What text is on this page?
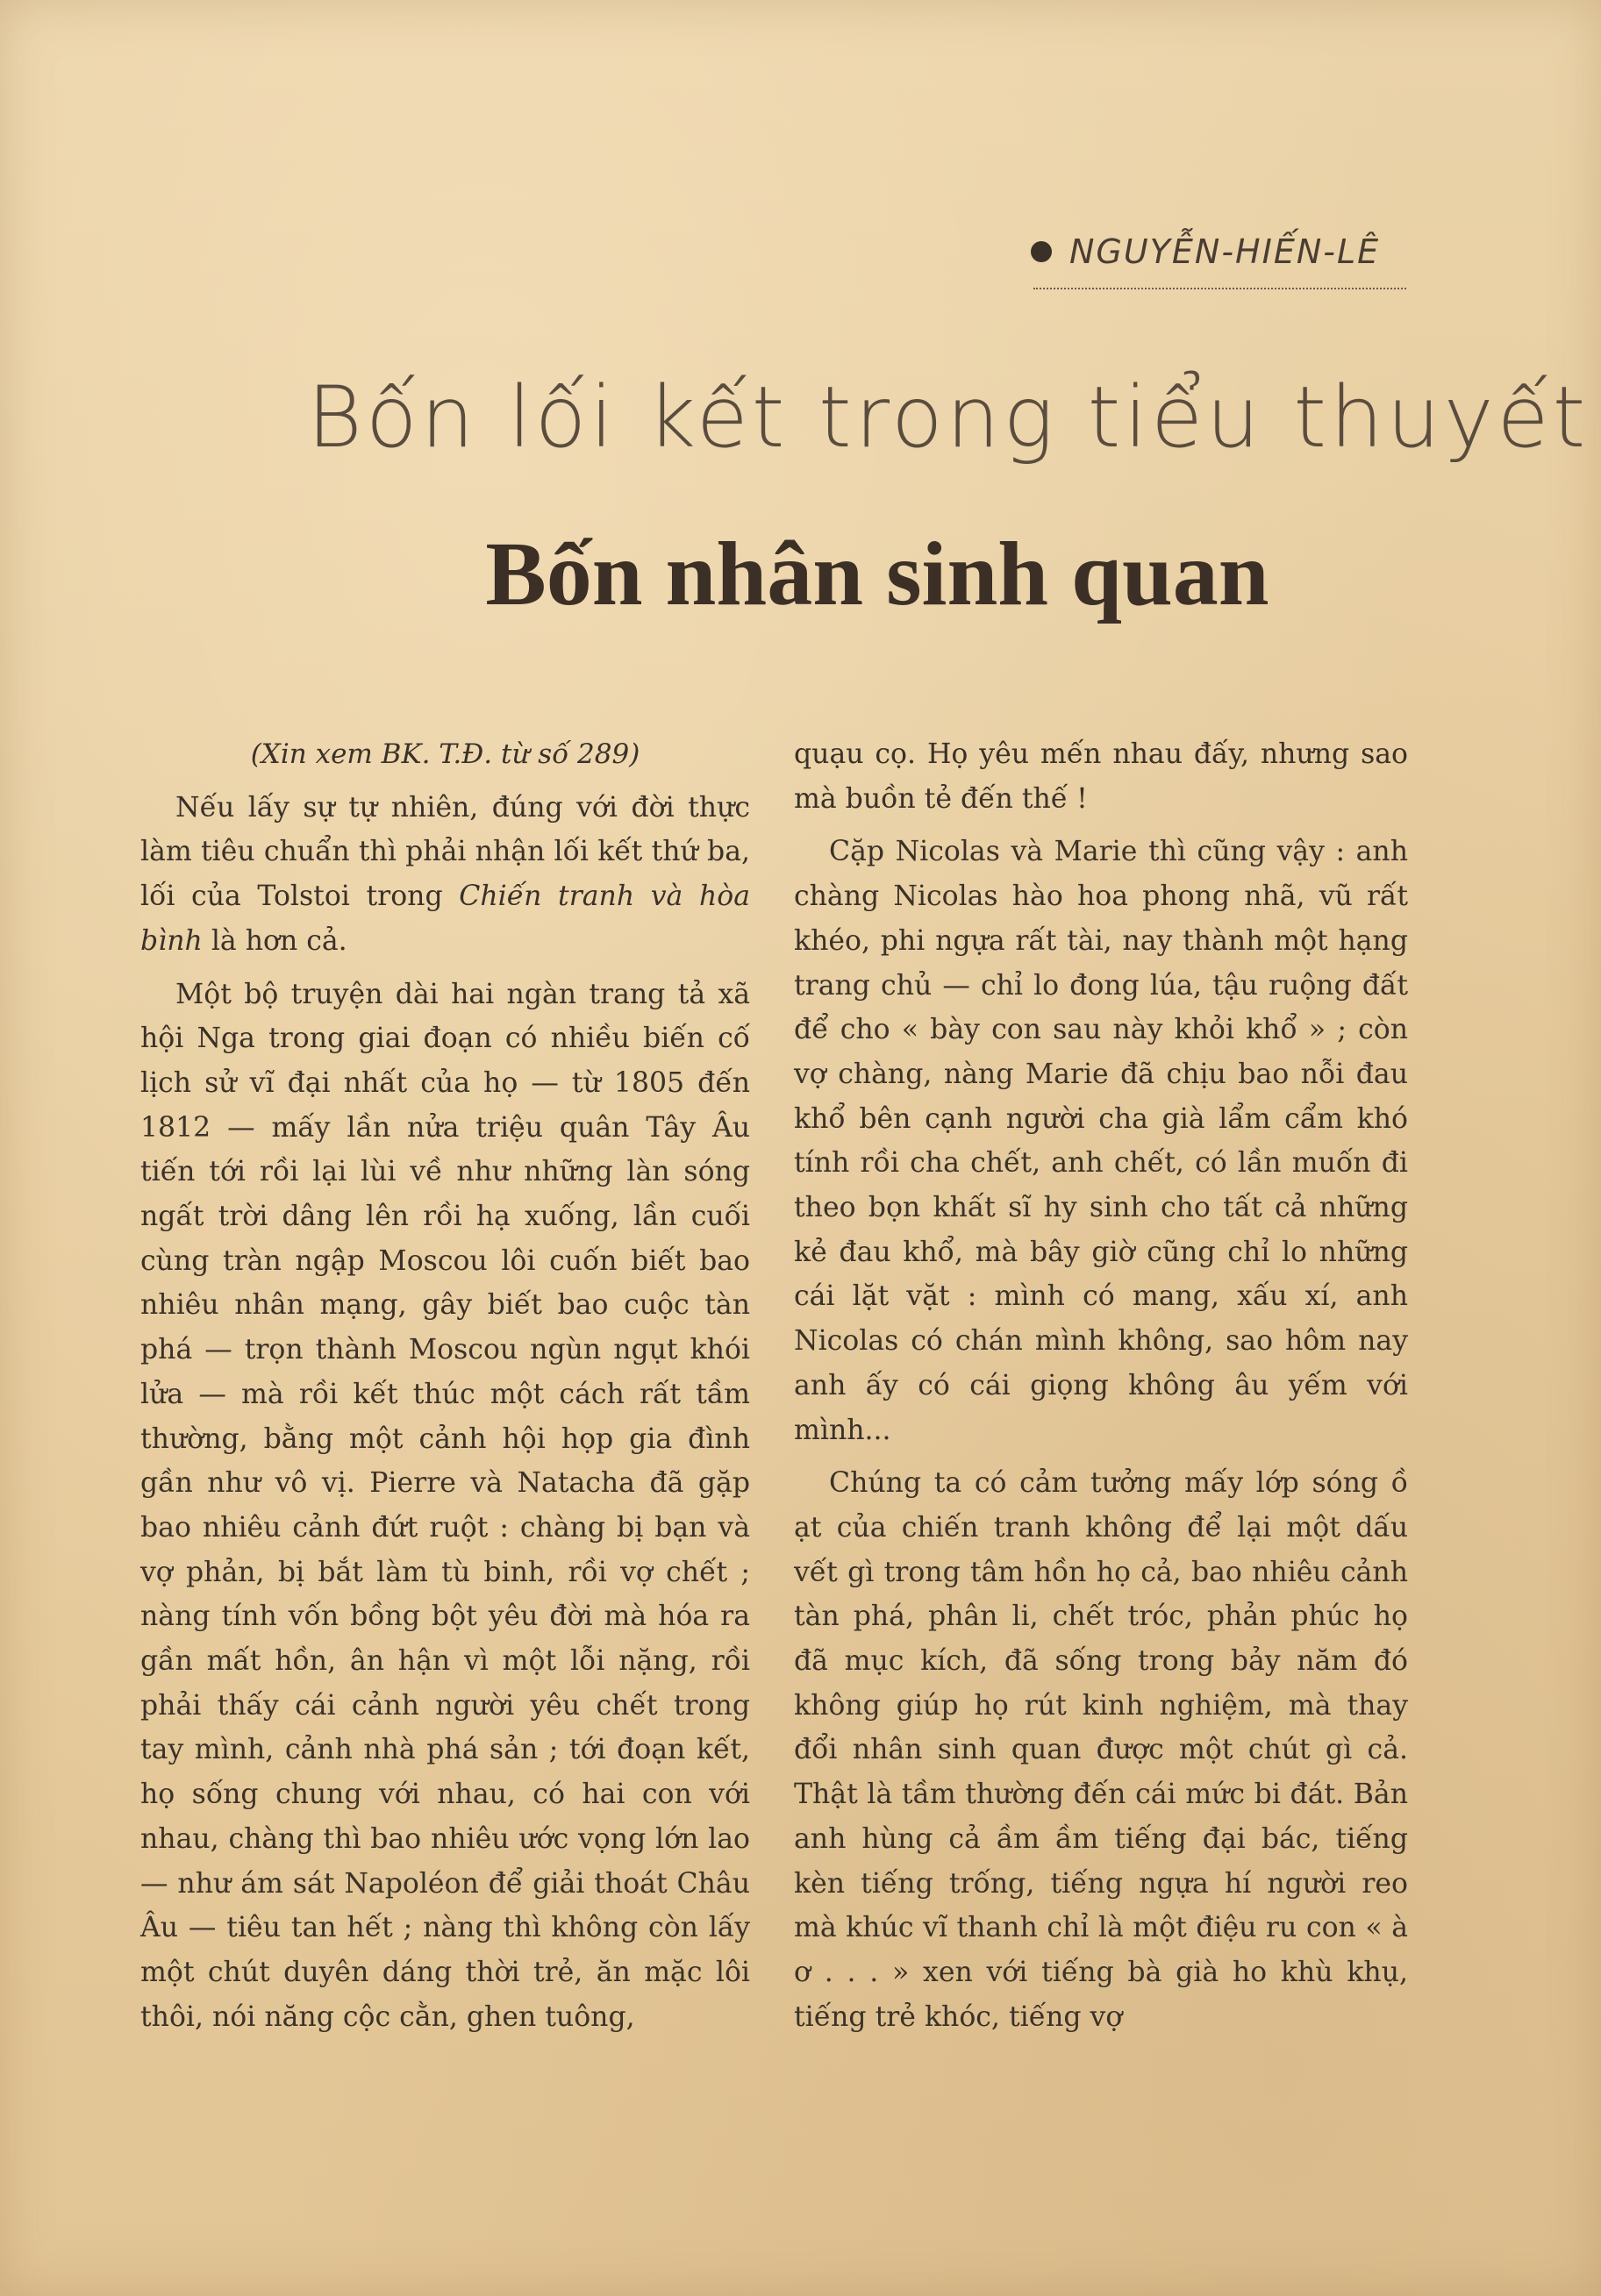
NGUYỄN-HIẾN-LÊ
Bốn lối kết trong tiểu thuyết
Bốn nhân sinh quan

(Xin xem BK. T.Đ. từ số 289)

Nếu lấy sự tự nhiên, đúng với đời thực làm tiêu chuẩn thì phải nhận lối kết thứ ba, lối của Tolstoi trong Chiến tranh và hòa bình là hơn cả.

Một bộ truyện dài hai ngàn trang tả xã hội Nga trong giai đoạn có nhiều biến cố lịch sử vĩ đại nhất của họ — từ 1805 đến 1812 — mấy lần nửa triệu quân Tây Âu tiến tới rồi lại lùi về như những làn sóng ngất trời dâng lên rồi hạ xuống, lần cuối cùng tràn ngập Moscou lôi cuốn biết bao nhiêu nhân mạng, gây biết bao cuộc tàn phá — trọn thành Moscou ngùn ngụt khói lửa — mà rồi kết thúc một cách rất tầm thường, bằng một cảnh hội họp gia đình gần như vô vị. Pierre và Natacha đã gặp bao nhiêu cảnh đứt ruột : chàng bị bạn và vợ phản, bị bắt làm tù binh, rồi vợ chết ; nàng tính vốn bồng bột yêu đời mà hóa ra gần mất hồn, ân hận vì một lỗi nặng, rồi phải thấy cái cảnh người yêu chết trong tay mình, cảnh nhà phá sản ; tới đoạn kết, họ sống chung với nhau, có hai con với nhau, chàng thì bao nhiêu ước vọng lớn lao — như ám sát Napoléon để giải thoát Châu Âu — tiêu tan hết ; nàng thì không còn lấy một chút duyên dáng thời trẻ, ăn mặc lôi thôi, nói năng cộc cằn, ghen tuông,

quạu cọ. Họ yêu mến nhau đấy, nhưng sao mà buồn tẻ đến thế !

Cặp Nicolas và Marie thì cũng vậy : anh chàng Nicolas hào hoa phong nhã, vũ rất khéo, phi ngựa rất tài, nay thành một hạng trang chủ — chỉ lo đong lúa, tậu ruộng đất để cho « bày con sau này khỏi khổ » ; còn vợ chàng, nàng Marie đã chịu bao nỗi đau khổ bên cạnh người cha già lẩm cẩm khó tính rồi cha chết, anh chết, có lần muốn đi theo bọn khất sĩ hy sinh cho tất cả những kẻ đau khổ, mà bây giờ cũng chỉ lo những cái lặt vặt : mình có mang, xấu xí, anh Nicolas có chán mình không, sao hôm nay anh ấy có cái giọng không âu yếm với mình...

Chúng ta có cảm tưởng mấy lớp sóng ồ ạt của chiến tranh không để lại một dấu vết gì trong tâm hồn họ cả, bao nhiêu cảnh tàn phá, phân li, chết tróc, phản phúc họ đã mục kích, đã sống trong bảy năm đó không giúp họ rút kinh nghiệm, mà thay đổi nhân sinh quan được một chút gì cả. Thật là tầm thường đến cái mức bi đát. Bản anh hùng cả ầm ầm tiếng đại bác, tiếng kèn tiếng trống, tiếng ngựa hí người reo mà khúc vĩ thanh chỉ là một điệu ru con « à ơ . . . » xen với tiếng bà già ho khù khụ, tiếng trẻ khóc, tiếng vợ
